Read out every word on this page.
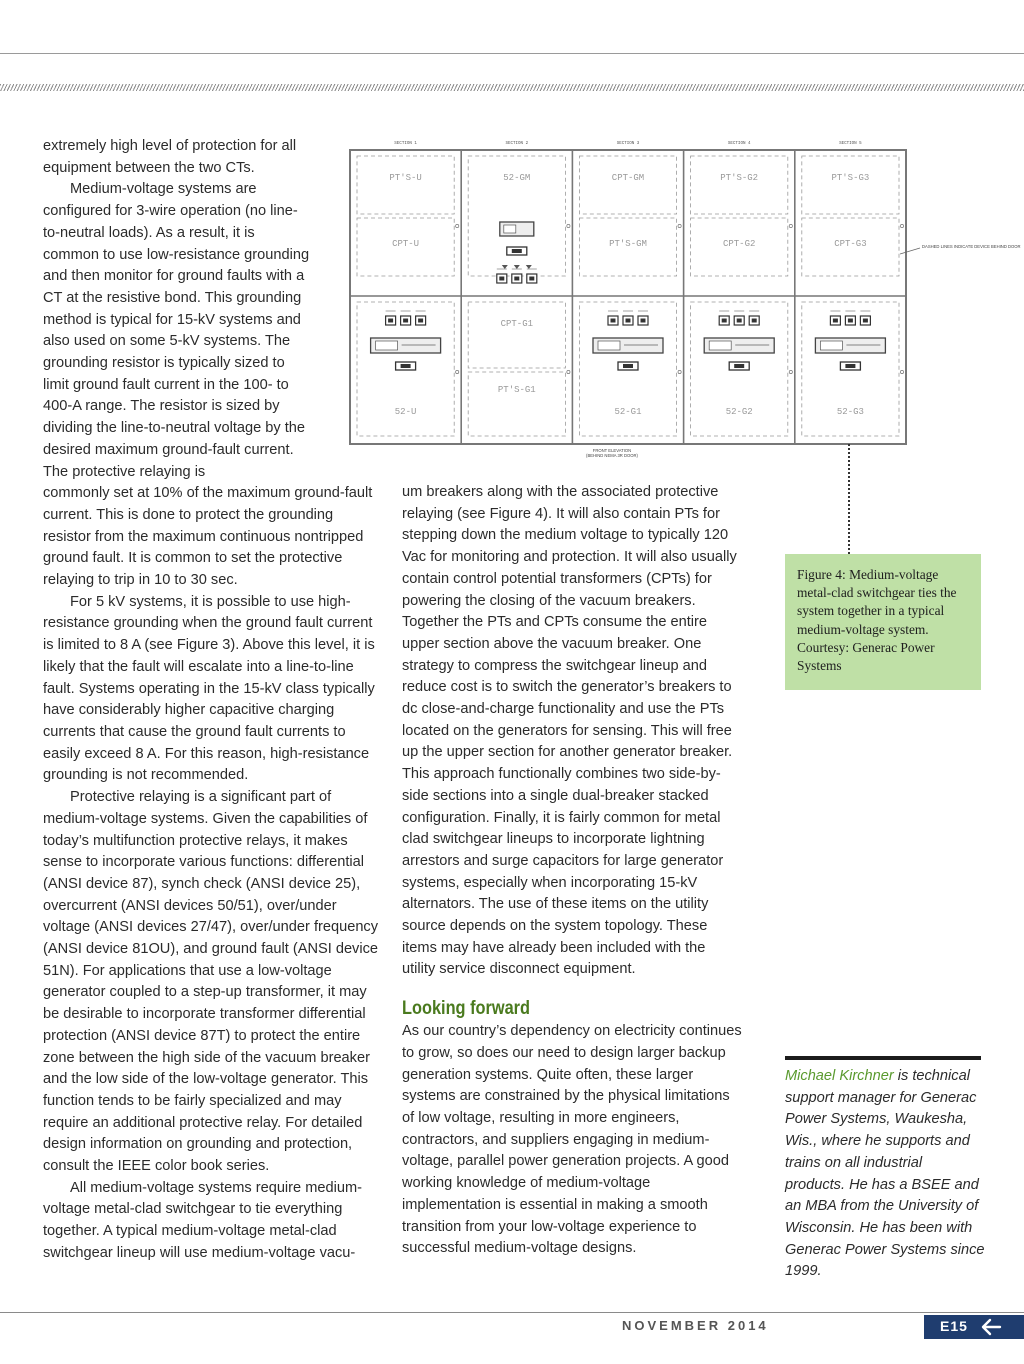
extremely high level of protection for all equipment between the two CTs.

Medium-voltage systems are configured for 3-wire operation (no line-to-neutral loads). As a result, it is common to use low-resistance grounding and then monitor for ground faults with a CT at the resistive bond. This grounding method is typical for 15-kV systems and also used on some 5-kV systems. The grounding resistor is typically sized to limit ground fault current in the 100- to 400-A range. The resistor is sized by dividing the line-to-neutral voltage by the desired maximum ground-fault current. The protective relaying is

commonly set at 10% of the maximum ground-fault current. This is done to protect the grounding resistor from the maximum continuous nontripped ground fault. It is common to set the protective relaying to trip in 10 to 30 sec.

For 5 kV systems, it is possible to use high-resistance grounding when the ground fault current is limited to 8 A (see Figure 3). Above this level, it is likely that the fault will escalate into a line-to-line fault. Systems operating in the 15-kV class typically have considerably higher capacitive charging currents that cause the ground fault currents to easily exceed 8 A. For this reason, high-resistance grounding is not recommended.

Protective relaying is a significant part of medium-voltage systems. Given the capabilities of today’s multifunction protective relays, it makes sense to incorporate various functions: differential (ANSI device 87), synch check (ANSI device 25), overcurrent (ANSI devices 50/51), over/under voltage (ANSI devices 27/47), over/under frequency (ANSI device 81OU), and ground fault (ANSI device 51N). For applications that use a low-voltage generator coupled to a step-up transformer, it may be desirable to incorporate transformer differential protection (ANSI device 87T) to protect the entire zone between the high side of the vacuum breaker and the low side of the low-voltage generator. This function tends to be fairly specialized and may require an additional protective relay. For detailed design information on grounding and protection, consult the IEEE color book series.

All medium-voltage systems require medium-voltage metal-clad switchgear to tie everything together. A typical medium-voltage metal-clad switchgear lineup will use medium-voltage vacu-

SECTION 1	SECTION 2	SECTION 3	SECTION 4	SECTION 5
PT'S-U
CPT-U
52-U
52-GM
CPT-G1
PT'S-G1
CPT-GM
PT'S-GM
52-G1
PT'S-G2
CPT-G2
52-G2
PT'S-G3
CPT-G3
52-G3
DASHED LINES INDICATE DEVICE BEHIND DOOR
FRONT ELEVATION
(BEHIND NEMA 3R DOOR)
Figure 4: Medium-voltage metal-clad switchgear ties the system together in a typical medium-voltage system. Courtesy: Generac Power Systems

um breakers along with the associated protective relaying (see Figure 4). It will also contain PTs for stepping down the medium voltage to typically 120 Vac for monitoring and protection. It will also usually contain control potential transformers (CPTs) for powering the closing of the vacuum breakers. Together the PTs and CPTs consume the entire upper section above the vacuum breaker. One strategy to compress the switchgear lineup and reduce cost is to switch the generator’s breakers to dc close-and-charge functionality and use the PTs located on the generators for sensing. This will free up the upper section for another generator breaker. This approach functionally combines two side-by-side sections into a single dual-breaker stacked configuration. Finally, it is fairly common for metal clad switchgear lineups to incorporate lightning arrestors and surge capacitors for large generator systems, especially when incorporating 15-kV alternators. The use of these items on the utility source depends on the system topology. These items may have already been included with the utility service disconnect equipment.

Looking forward

As our country’s dependency on electricity continues to grow, so does our need to design larger backup generation systems. Quite often, these larger systems are constrained by the physical limitations of low voltage, resulting in more engineers, contractors, and suppliers engaging in medium-voltage, parallel power generation projects. A good working knowledge of medium-voltage implementation is essential in making a smooth transition from your low-voltage experience to successful medium-voltage designs.

Michael Kirchner is technical support manager for Generac Power Systems, Waukesha, Wis., where he supports and trains on all industrial products. He has a BSEE and an MBA from the University of Wisconsin. He has been with Generac Power Systems since 1999.
NOVEMBER 2014	E15
